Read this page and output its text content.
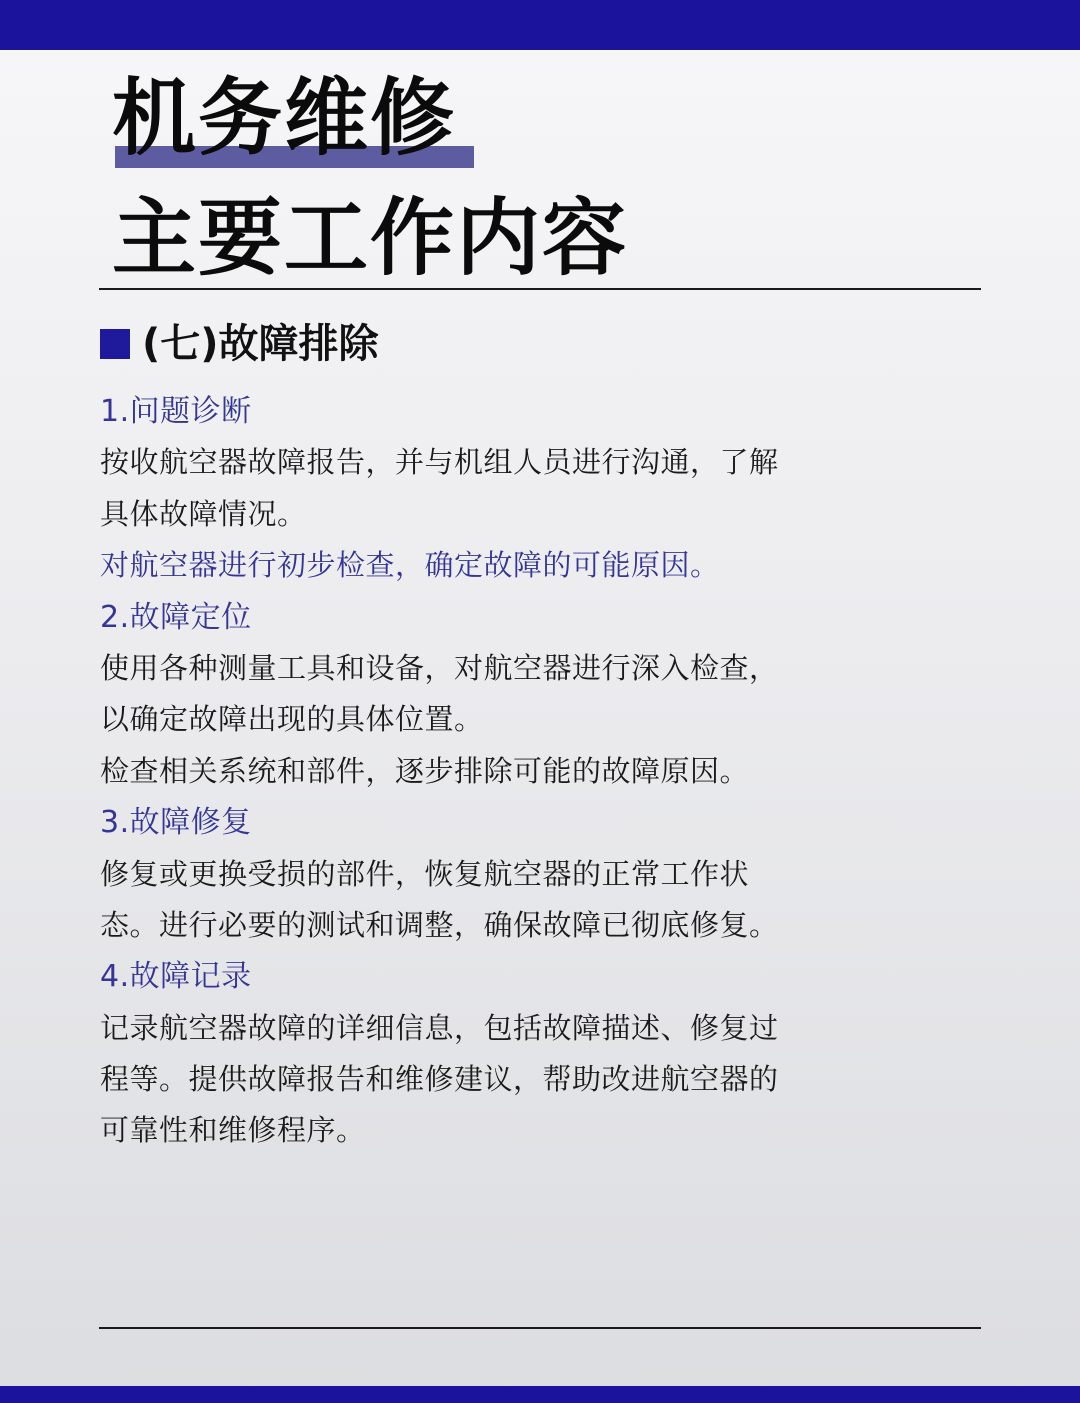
机务维修
主要工作内容
(七)故障排除
1.问题诊断
按收航空器故障报告，并与机组人员进行沟通，了解
具体故障情况。
对航空器进行初步检查，确定故障的可能原因。
2.故障定位
使用各种测量工具和设备，对航空器进行深入检查，
以确定故障出现的具体位置。
检查相关系统和部件，逐步排除可能的故障原因。
3.故障修复
修复或更换受损的部件，恢复航空器的正常工作状
态。进行必要的测试和调整，确保故障已彻底修复。
4.故障记录
记录航空器故障的详细信息，包括故障描述、修复过
程等。提供故障报告和维修建议，帮助改进航空器的
可靠性和维修程序。
